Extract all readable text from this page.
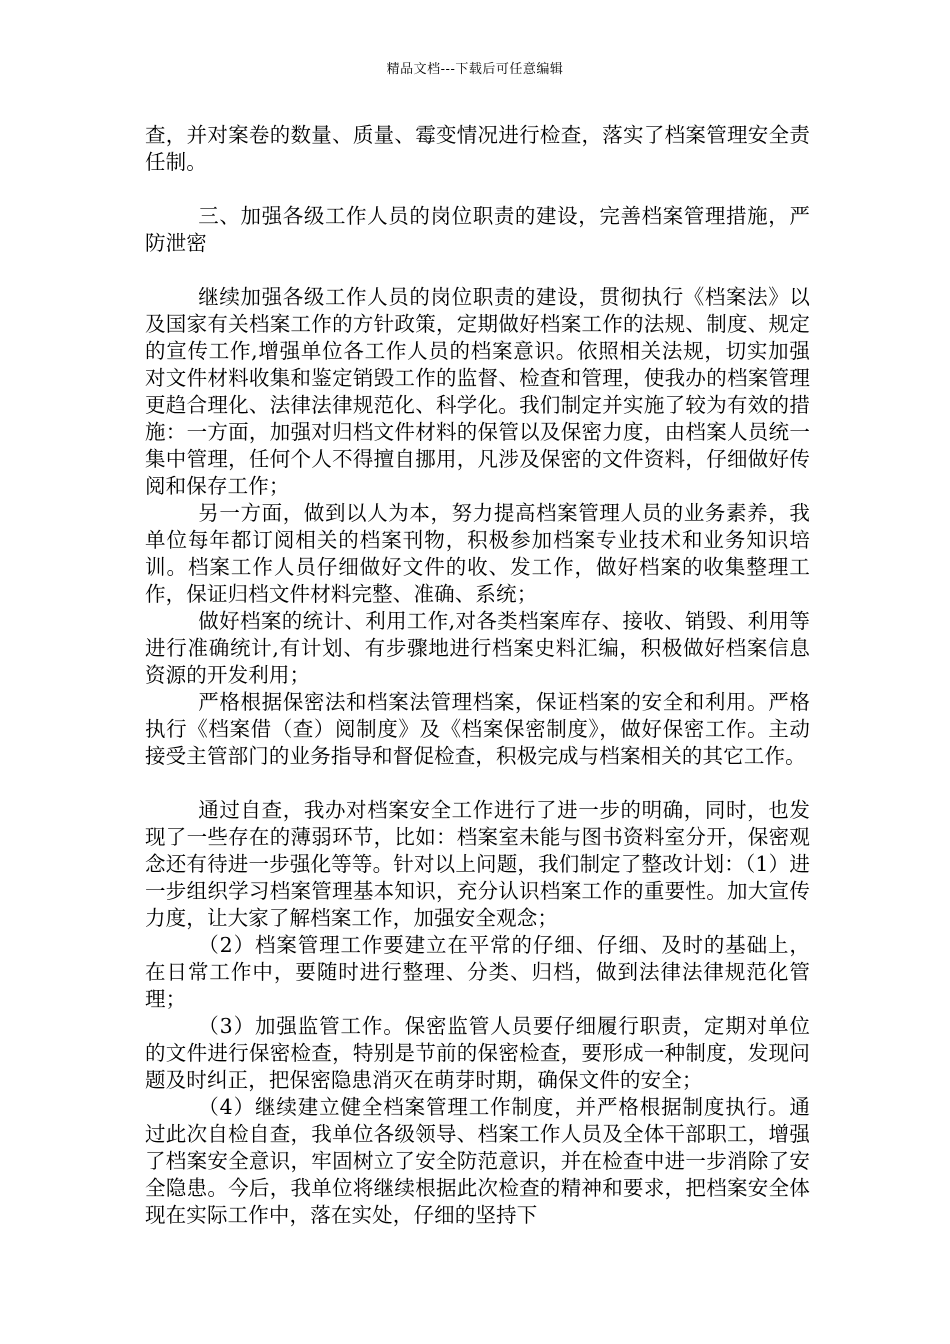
精品文档---下载后可任意编辑

查，并对案卷的数量、质量、霉变情况进行检查，落实了档案管理安全责任制。

三、加强各级工作人员的岗位职责的建设，完善档案管理措施，严防泄密

继续加强各级工作人员的岗位职责的建设，贯彻执行《档案法》以及国家有关档案工作的方针政策，定期做好档案工作的法规、制度、规定的宣传工作,增强单位各工作人员的档案意识。依照相关法规，切实加强对文件材料收集和鉴定销毁工作的监督、检查和管理，使我办的档案管理更趋合理化、法律法律规范化、科学化。我们制定并实施了较为有效的措施：一方面，加强对归档文件材料的保管以及保密力度，由档案人员统一集中管理，任何个人不得擅自挪用，凡涉及保密的文件资料，仔细做好传阅和保存工作；

另一方面，做到以人为本，努力提高档案管理人员的业务素养，我单位每年都订阅相关的档案刊物，积极参加档案专业技术和业务知识培训。档案工作人员仔细做好文件的收、发工作，做好档案的收集整理工作，保证归档文件材料完整、准确、系统；

做好档案的统计、利用工作,对各类档案库存、接收、销毁、利用等进行准确统计,有计划、有步骤地进行档案史料汇编，积极做好档案信息资源的开发利用；

严格根据保密法和档案法管理档案，保证档案的安全和利用。严格执行《档案借（查）阅制度》及《档案保密制度》，做好保密工作。主动接受主管部门的业务指导和督促检查，积极完成与档案相关的其它工作。

通过自查，我办对档案安全工作进行了进一步的明确，同时，也发现了一些存在的薄弱环节，比如：档案室未能与图书资料室分开，保密观念还有待进一步强化等等。针对以上问题，我们制定了整改计划：（1）进一步组织学习档案管理基本知识，充分认识档案工作的重要性。加大宣传力度，让大家了解档案工作，加强安全观念；

（2）档案管理工作要建立在平常的仔细、仔细、及时的基础上，在日常工作中，要随时进行整理、分类、归档，做到法律法律规范化管理；

（3）加强监管工作。保密监管人员要仔细履行职责，定期对单位的文件进行保密检查，特别是节前的保密检查，要形成一种制度，发现问题及时纠正，把保密隐患消灭在萌芽时期，确保文件的安全；

（4）继续建立健全档案管理工作制度，并严格根据制度执行。通过此次自检自查，我单位各级领导、档案工作人员及全体干部职工，增强了档案安全意识，牢固树立了安全防范意识，并在检查中进一步消除了安全隐患。今后，我单位将继续根据此次检查的精神和要求，把档案安全体现在实际工作中，落在实处，仔细的坚持下
